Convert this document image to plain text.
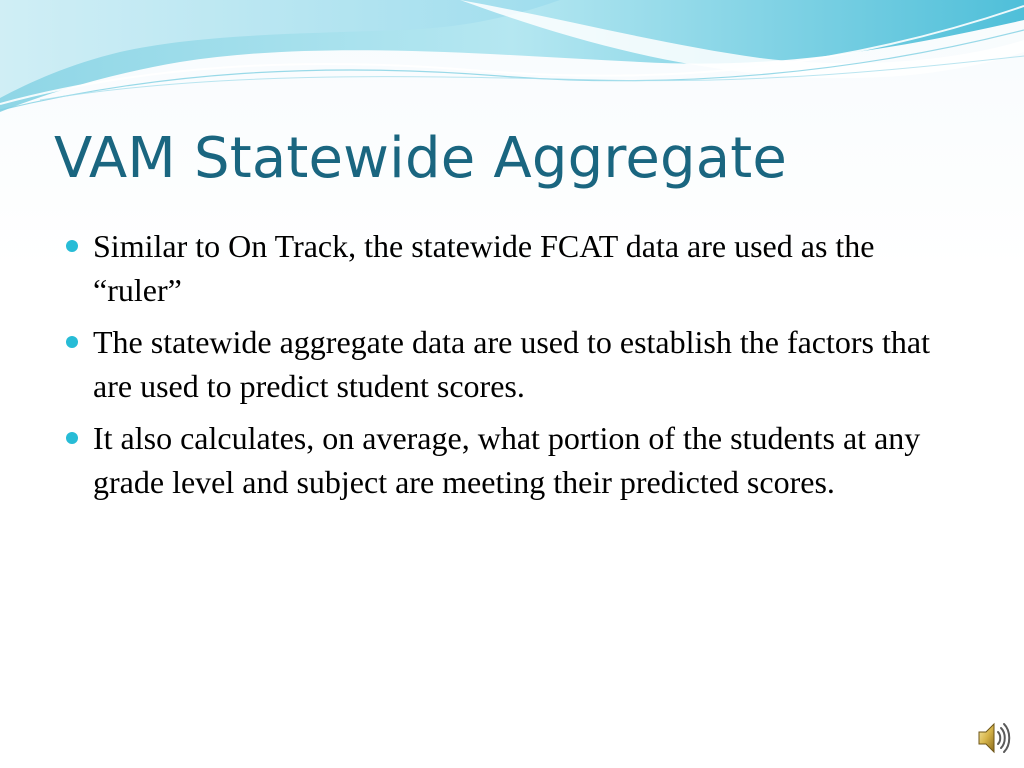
VAM Statewide Aggregate
Similar to On Track, the statewide FCAT data are used as the “ruler”
The statewide aggregate data are used to establish the factors that are used to predict student scores.
It also calculates, on average, what portion of the students at any grade level and subject are meeting their predicted scores.
